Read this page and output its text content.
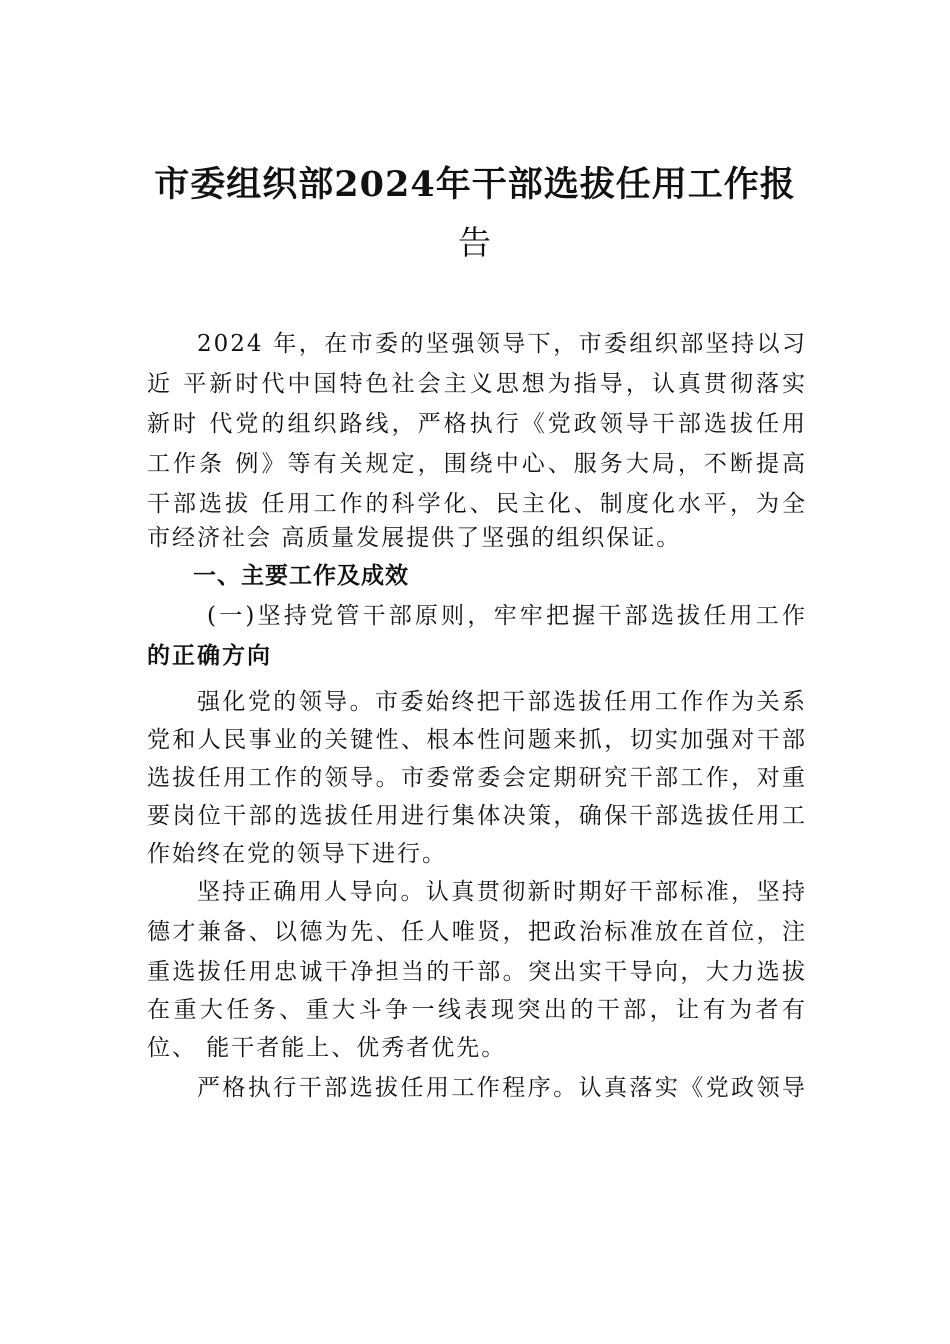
市委组织部2024年干部选拔任用工作报
告

2024 年，在市委的坚强领导下，市委组织部坚持以习

近 平新时代中国特色社会主义思想为指导，认真贯彻落实

新时 代党的组织路线，严格执行《党政领导干部选拔任用

工作条 例》等有关规定，围绕中心、服务大局，不断提高

干部选拔 任用工作的科学化、民主化、制度化水平，为全

市经济社会 高质量发展提供了坚强的组织保证。

一、主要工作及成效

(一)坚持党管干部原则，牢牢把握干部选拔任用工作

的正确方向

强化党的领导。市委始终把干部选拔任用工作作为关系

党和人民事业的关键性、根本性问题来抓，切实加强对干部

选拔任用工作的领导。市委常委会定期研究干部工作，对重

要岗位干部的选拔任用进行集体决策，确保干部选拔任用工

作始终在党的领导下进行。

坚持正确用人导向。认真贯彻新时期好干部标准，坚持

德才兼备、以德为先、任人唯贤，把政治标准放在首位，注

重选拔任用忠诚干净担当的干部。突出实干导向，大力选拔

在重大任务、重大斗争一线表现突出的干部，让有为者有

位、 能干者能上、优秀者优先。

严格执行干部选拔任用工作程序。认真落实《党政领导
